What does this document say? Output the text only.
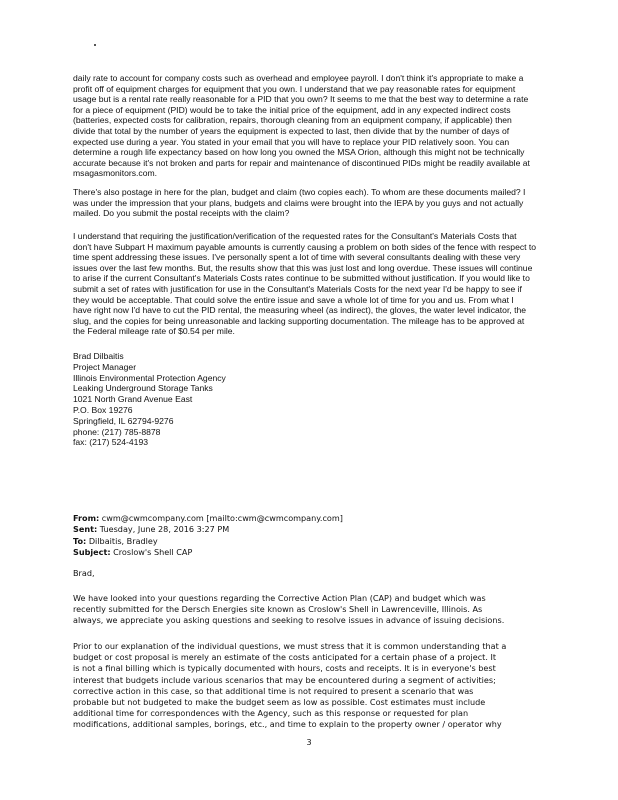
daily rate to account for company costs such as overhead and employee payroll. I don't think it's appropriate to make a
profit off of equipment charges for equipment that you own. I understand that we pay reasonable rates for equipment
usage but is a rental rate really reasonable for a PID that you own? It seems to me that the best way to determine a rate
for a piece of equipment (PID) would be to take the initial price of the equipment, add in any expected indirect costs
(batteries, expected costs for calibration, repairs, thorough cleaning from an equipment company, if applicable) then
divide that total by the number of years the equipment is expected to last, then divide that by the number of days of
expected use during a year. You stated in your email that you will have to replace your PID relatively soon. You can
determine a rough life expectancy based on how long you owned the MSA Orion, although this might not be technically
accurate because it's not broken and parts for repair and maintenance of discontinued PIDs might be readily available at
msagasmonitors.com.
There's also postage in here for the plan, budget and claim (two copies each). To whom are these documents mailed? I
was under the impression that your plans, budgets and claims were brought into the IEPA by you guys and not actually
mailed. Do you submit the postal receipts with the claim?
I understand that requiring the justification/verification of the requested rates for the Consultant's Materials Costs that
don't have Subpart H maximum payable amounts is currently causing a problem on both sides of the fence with respect to
time spent addressing these issues. I've personally spent a lot of time with several consultants dealing with these very
issues over the last few months. But, the results show that this was just lost and long overdue. These issues will continue
to arise if the current Consultant's Materials Costs rates continue to be submitted without justification. If you would like to
submit a set of rates with justification for use in the Consultant's Materials Costs for the next year I'd be happy to see if
they would be acceptable. That could solve the entire issue and save a whole lot of time for you and us. From what I
have right now I'd have to cut the PID rental, the measuring wheel (as indirect), the gloves, the water level indicator, the
slug, and the copies for being unreasonable and lacking supporting documentation. The mileage has to be approved at
the Federal mileage rate of $0.54 per mile.
Brad Dilbaitis
Project Manager
Illinois Environmental Protection Agency
Leaking Underground Storage Tanks
1021 North Grand Avenue East
P.O. Box 19276
Springfield, IL 62794-9276
phone: (217) 785-8878
fax: (217) 524-4193
From: cwm@cwmcompany.com [mailto:cwm@cwmcompany.com]
Sent: Tuesday, June 28, 2016 3:27 PM
To: Dilbaitis, Bradley
Subject: Croslow's Shell CAP
Brad,
We have looked into your questions regarding the Corrective Action Plan (CAP) and budget which was
recently submitted for the Dersch Energies site known as Croslow's Shell in Lawrenceville, Illinois. As
always, we appreciate you asking questions and seeking to resolve issues in advance of issuing decisions.
Prior to our explanation of the individual questions, we must stress that it is common understanding that a
budget or cost proposal is merely an estimate of the costs anticipated for a certain phase of a project. It
is not a final billing which is typically documented with hours, costs and receipts. It is in everyone's best
interest that budgets include various scenarios that may be encountered during a segment of activities;
corrective action in this case, so that additional time is not required to present a scenario that was
probable but not budgeted to make the budget seem as low as possible. Cost estimates must include
additional time for correspondences with the Agency, such as this response or requested for plan
modifications, additional samples, borings, etc., and time to explain to the property owner / operator why
3
